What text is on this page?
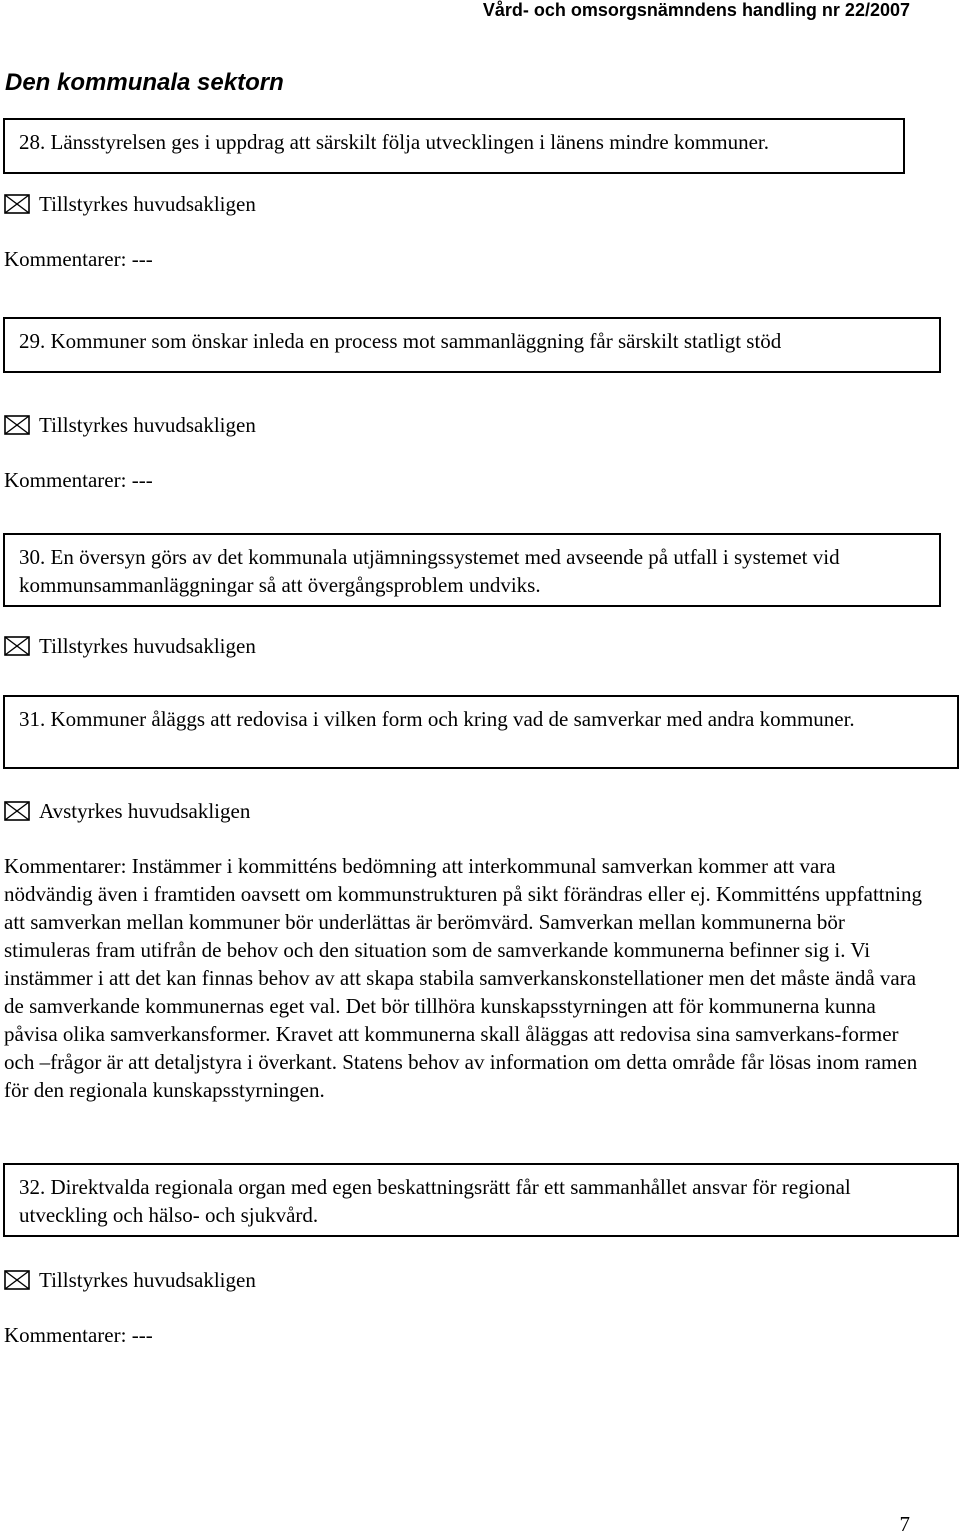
Vård- och omsorgsnämndens handling nr 22/2007
Den kommunala sektorn
28. Länsstyrelsen ges i uppdrag att särskilt följa utvecklingen i länens mindre kommuner.
Tillstyrkes huvudsakligen
Kommentarer: ---
29. Kommuner som önskar inleda en process mot sammanläggning får särskilt statligt stöd
Tillstyrkes huvudsakligen
Kommentarer: ---
30. En översyn görs av det kommunala utjämningssystemet med avseende på utfall i systemet vid kommunsammanläggningar så att övergångsproblem undviks.
Tillstyrkes huvudsakligen
31. Kommuner åläggs att redovisa i vilken form och kring vad de samverkar med andra kommuner.
Avstyrkes huvudsakligen
Kommentarer: Instämmer i kommitténs bedömning att interkommunal samverkan kommer att vara nödvändig även i framtiden oavsett om kommunstrukturen på sikt förändras eller ej. Kommitténs uppfattning att samverkan mellan kommuner bör underlättas är berömvärd. Samverkan mellan kommunerna bör stimuleras fram utifrån de behov och den situation som de samverkande kommunerna befinner sig i. Vi instämmer i att det kan finnas behov av att skapa stabila samverkanskonstellationer men det måste ändå vara de samverkande kommunernas eget val. Det bör tillhöra kunskapsstyrningen att för kommunerna kunna påvisa olika samverkansformer. Kravet att kommunerna skall åläggas att redovisa sina samverkans-former och –frågor är att detaljstyra i överkant. Statens behov av information om detta område får lösas inom ramen för den regionala kunskapsstyrningen.
32. Direktvalda regionala organ med egen beskattningsrätt får ett sammanhållet ansvar för regional utveckling och hälso- och sjukvård.
Tillstyrkes huvudsakligen
Kommentarer: ---
7
